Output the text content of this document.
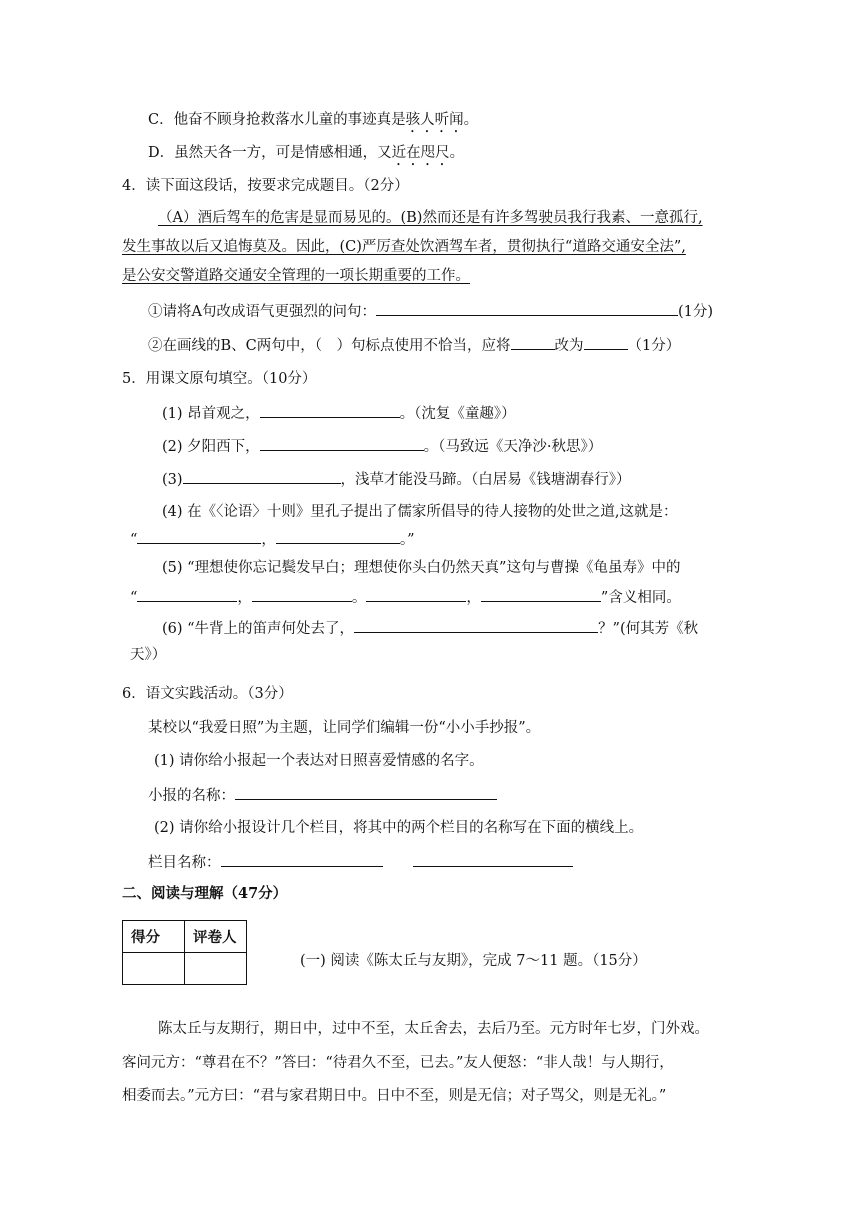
C．他奋不顾身抢救落水儿童的事迹真是骇人听闻。
D．虽然天各一方，可是情感相通，又近在咫尺。
4．读下面这段话，按要求完成题目。（2分）
（A）酒后驾车的危害是显而易见的。(B)然而还是有许多驾驶员我行我素、一意孤行,
发生事故以后又追悔莫及。因此，(C)严厉查处饮酒驾车者，贯彻执行“道路交通安全法”,
是公安交警道路交通安全管理的一项长期重要的工作。
①请将A句改成语气更强烈的问句：	(1分)
②在画线的B、C两句中，（　）句标点使用不恰当，应将	改为	（1分）
5．用课文原句填空。（10分）
(1) 昂首观之，	。（沈复《童趣》）
(2) 夕阳西下，	。（马致远《天净沙·秋思》）
(3)	，浅草才能没马蹄。（白居易《钱塘湖春行》）
(4) 在《〈论语〉十则》里孔子提出了儒家所倡导的待人接物的处世之道,这就是：
“	，	。”
(5) “理想使你忘记鬓发早白；理想使你头白仍然天真”这句与曹操《龟虽寿》中的
“	，	。	，	”含义相同。
(6) “牛背上的笛声何处去了，	？”(何其芳《秋
天》）
6．语文实践活动。（3分）
某校以“我爱日照”为主题，让同学们编辑一份“小小手抄报”。
(1) 请你给小报起一个表达对日照喜爱情感的名字。
小报的名称：
(2) 请你给小报设计几个栏目，将其中的两个栏目的名称写在下面的横线上。
栏目名称：
二、阅读与理解（47分）
得分	评卷人

(一) 阅读《陈太丘与友期》，完成 7～11 题。（15分）
陈太丘与友期行，期日中，过中不至，太丘舍去，去后乃至。元方时年七岁，门外戏。
客问元方：“尊君在不？”答曰：“待君久不至，已去。”友人便怒：“非人哉！与人期行，
相委而去。”元方曰：“君与家君期日中。日中不至，则是无信；对子骂父，则是无礼。”
